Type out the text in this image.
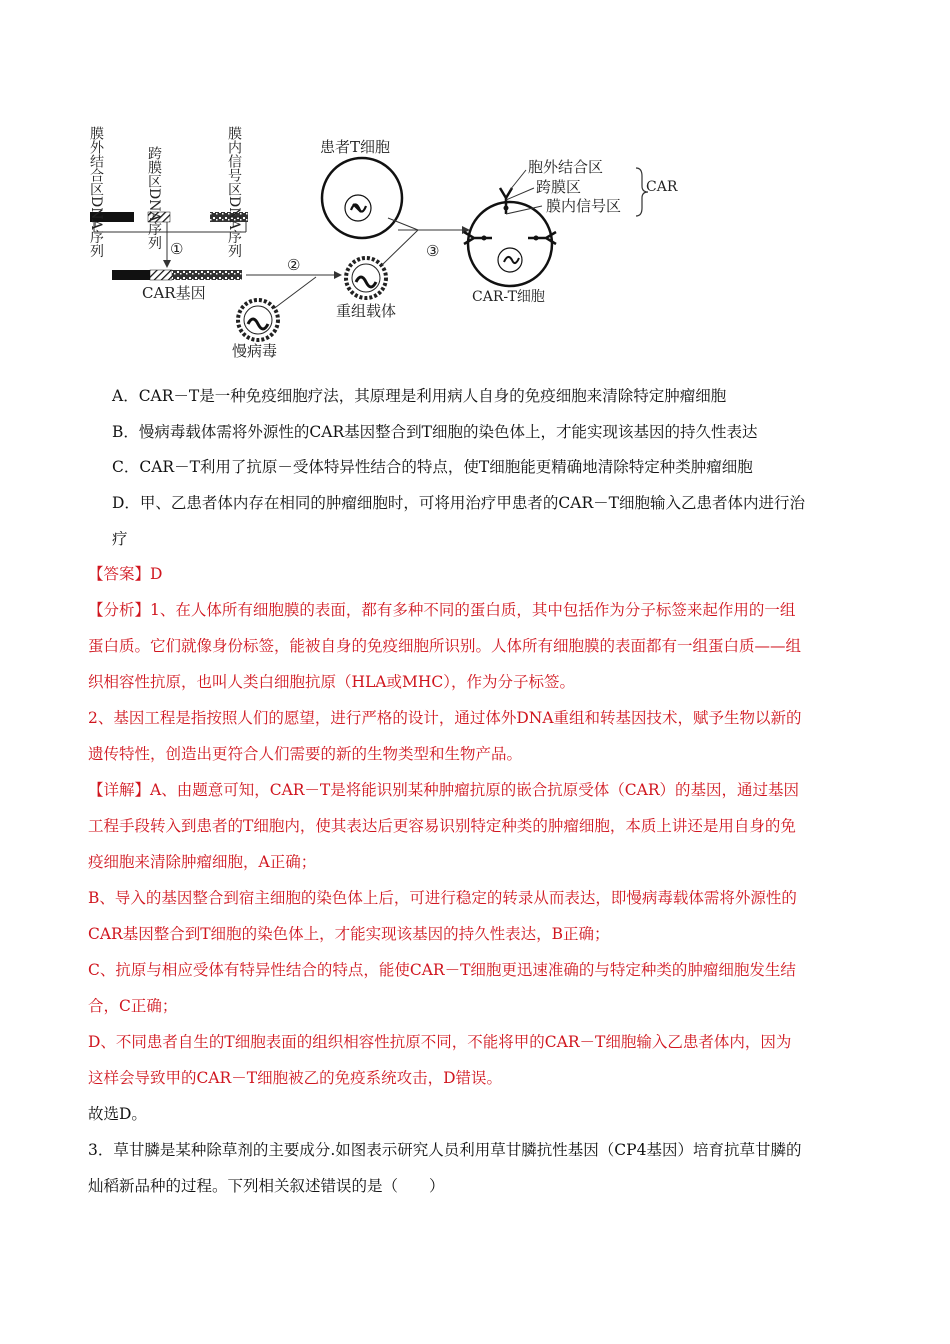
膜外结合区DNA序列	跨膜区DNA序列	膜内信号区DNA序列
①
②
③
CAR基因
慢病毒
重组载体
患者T细胞
胞外结合区
跨膜区
膜内信号区
CAR
CAR-T细胞
A．CAR－T是一种免疫细胞疗法，其原理是利用病人自身的免疫细胞来清除特定肿瘤细胞
B．慢病毒载体需将外源性的CAR基因整合到T细胞的染色体上，才能实现该基因的持久性表达
C．CAR－T利用了抗原－受体特异性结合的特点，使T细胞能更精确地清除特定种类肿瘤细胞
D．甲、乙患者体内存在相同的肿瘤细胞时，可将用治疗甲患者的CAR－T细胞输入乙患者体内进行治
疗
【答案】D
【分析】1、在人体所有细胞膜的表面，都有多种不同的蛋白质，其中包括作为分子标签来起作用的一组
蛋白质。它们就像身份标签，能被自身的免疫细胞所识别。人体所有细胞膜的表面都有一组蛋白质——组
织相容性抗原，也叫人类白细胞抗原（HLA或MHC），作为分子标签。
2、基因工程是指按照人们的愿望，进行严格的设计，通过体外DNA重组和转基因技术，赋予生物以新的
遗传特性，创造出更符合人们需要的新的生物类型和生物产品。
【详解】A、由题意可知，CAR－T是将能识别某种肿瘤抗原的嵌合抗原受体（CAR）的基因，通过基因
工程手段转入到患者的T细胞内，使其表达后更容易识别特定种类的肿瘤细胞，本质上讲还是用自身的免
疫细胞来清除肿瘤细胞，A正确；
B、导入的基因整合到宿主细胞的染色体上后，可进行稳定的转录从而表达，即慢病毒载体需将外源性的
CAR基因整合到T细胞的染色体上，才能实现该基因的持久性表达，B正确；
C、抗原与相应受体有特异性结合的特点，能使CAR－T细胞更迅速准确的与特定种类的肿瘤细胞发生结
合，C正确；
D、不同患者自生的T细胞表面的组织相容性抗原不同，不能将甲的CAR－T细胞输入乙患者体内，因为
这样会导致甲的CAR－T细胞被乙的免疫系统攻击，D错误。
故选D。
3．草甘膦是某种除草剂的主要成分.如图表示研究人员利用草甘膦抗性基因（CP4基因）培育抗草甘膦的
灿稻新品种的过程。下列相关叙述错误的是（　　）
